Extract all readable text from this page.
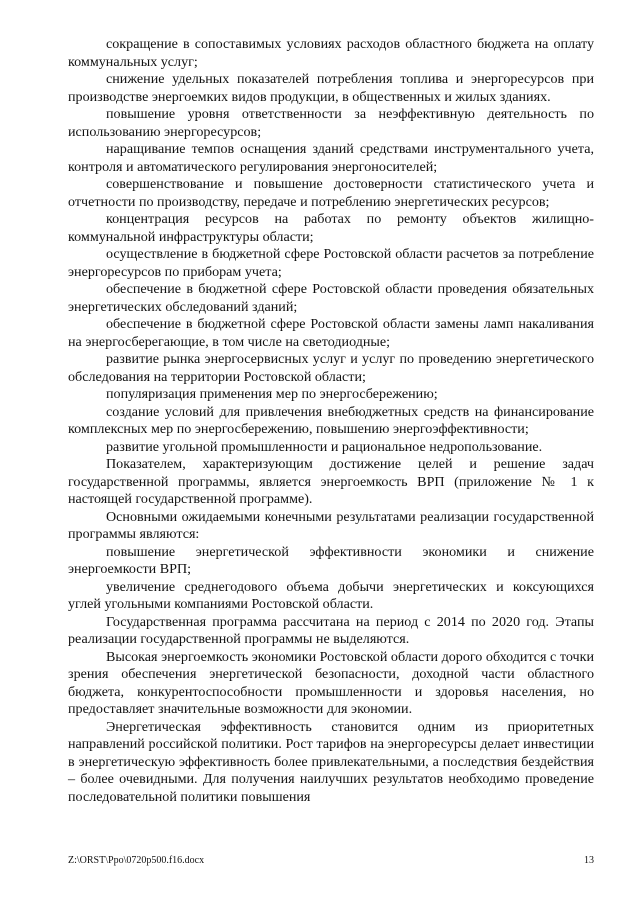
сокращение в сопоставимых условиях расходов областного бюджета на оплату коммунальных услуг;

снижение удельных показателей потребления топлива и энергоресурсов при производстве энергоемких видов продукции, в общественных и жилых зданиях.

повышение уровня ответственности за неэффективную деятельность по использованию энергоресурсов;

наращивание темпов оснащения зданий средствами инструментального учета, контроля и автоматического регулирования энергоносителей;

совершенствование и повышение достоверности статистического учета и отчетности по производству, передаче и потреблению энергетических ресурсов;

концентрация ресурсов на работах по ремонту объектов жилищно-коммунальной инфраструктуры области;

осуществление в бюджетной сфере Ростовской области расчетов за потребление энергоресурсов по приборам учета;

обеспечение в бюджетной сфере Ростовской области проведения обязательных энергетических обследований зданий;

обеспечение в бюджетной сфере Ростовской области замены ламп накаливания на энергосберегающие, в том числе на светодиодные;

развитие рынка энергосервисных услуг и услуг по проведению энергетического обследования на территории Ростовской области;

популяризация применения мер по энергосбережению;

создание условий для привлечения внебюджетных средств на финансирование комплексных мер по энергосбережению, повышению энергоэффективности;

развитие угольной промышленности и рациональное недропользование.

Показателем, характеризующим достижение целей и решение задач государственной программы, является энергоемкость ВРП (приложение № 1 к настоящей государственной программе).

Основными ожидаемыми конечными результатами реализации государственной программы являются:

повышение энергетической эффективности экономики и снижение энергоемкости ВРП;

увеличение среднегодового объема добычи энергетических и коксующихся углей угольными компаниями Ростовской области.

Государственная программа рассчитана на период с 2014 по 2020 год. Этапы реализации государственной программы не выделяются.

Высокая энергоемкость экономики Ростовской области дорого обходится с точки зрения обеспечения энергетической безопасности, доходной части областного бюджета, конкурентоспособности промышленности и здоровья населения, но предоставляет значительные возможности для экономии.

Энергетическая эффективность становится одним из приоритетных направлений российской политики. Рост тарифов на энергоресурсы делает инвестиции в энергетическую эффективность более привлекательными, а последствия бездействия – более очевидными. Для получения наилучших результатов необходимо проведение последовательной политики повышения

Z:\ORST\Ppo\0720p500.f16.docx	13
